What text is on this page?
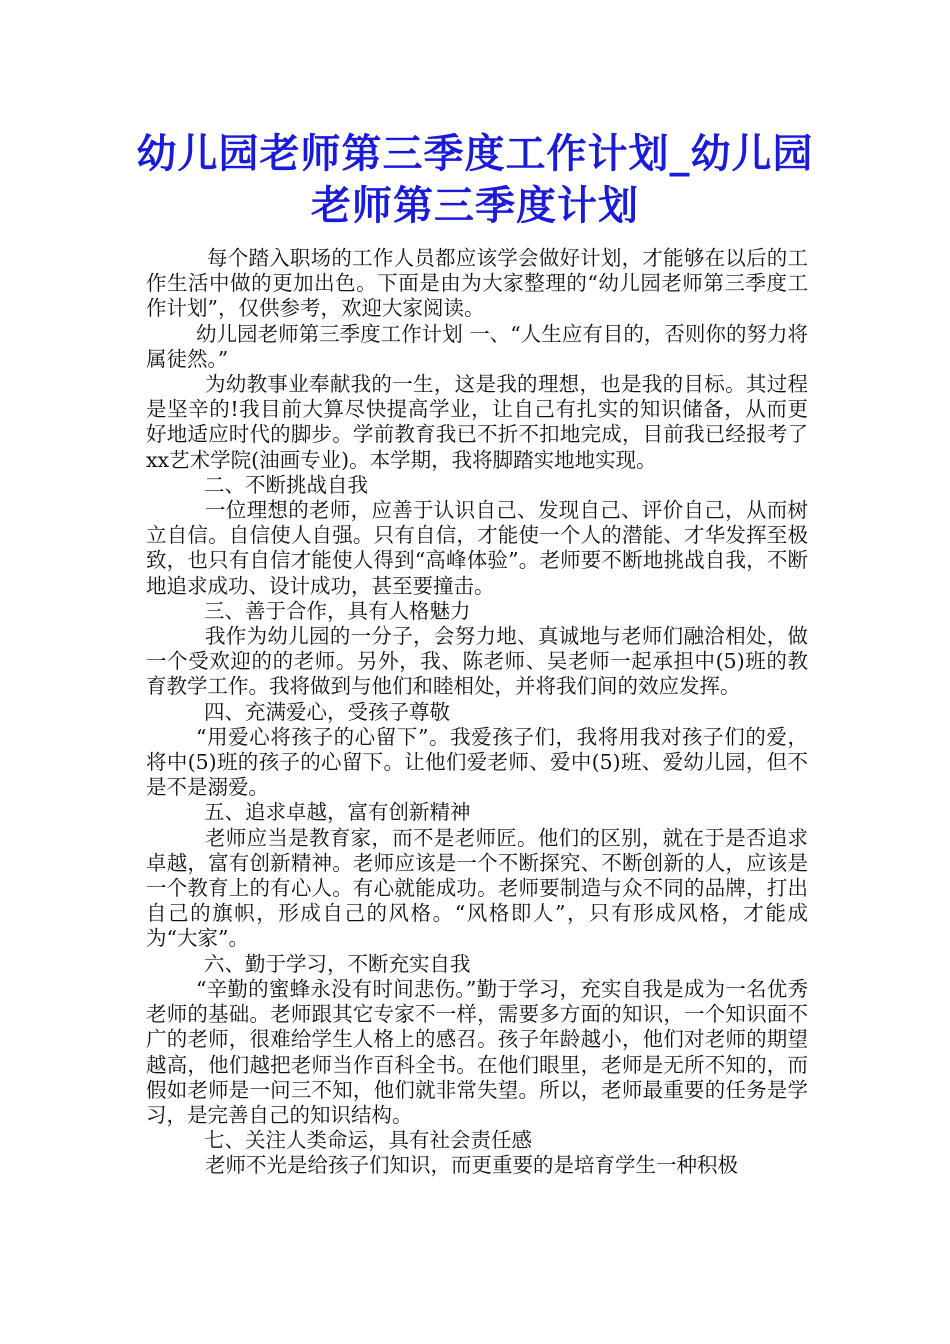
幼儿园老师第三季度工作计划_幼儿园老师第三季度计划

每个踏入职场的工作人员都应该学会做好计划，才能够在以后的工作生活中做的更加出色。下面是由为大家整理的“幼儿园老师第三季度工作计划”，仅供参考，欢迎大家阅读。

幼儿园老师第三季度工作计划 一、“人生应有目的，否则你的努力将属徒然。”

为幼教事业奉献我的一生，这是我的理想，也是我的目标。其过程是坚辛的!我目前大算尽快提高学业，让自己有扎实的知识储备，从而更好地适应时代的脚步。学前教育我已不折不扣地完成，目前我已经报考了xx艺术学院(油画专业)。本学期，我将脚踏实地地实现。

二、不断挑战自我

一位理想的老师，应善于认识自己、发现自己、评价自己，从而树立自信。自信使人自强。只有自信，才能使一个人的潜能、才华发挥至极致，也只有自信才能使人得到“高峰体验”。老师要不断地挑战自我，不断地追求成功、设计成功，甚至要撞击。

三、善于合作，具有人格魅力

我作为幼儿园的一分子，会努力地、真诚地与老师们融洽相处，做一个受欢迎的的老师。另外，我、陈老师、吴老师一起承担中(5)班的教育教学工作。我将做到与他们和睦相处，并将我们间的效应发挥。

四、充满爱心，受孩子尊敬

“用爱心将孩子的心留下”。我爱孩子们，我将用我对孩子们的爱，将中(5)班的孩子的心留下。让他们爱老师、爱中(5)班、爱幼儿园，但不是不是溺爱。

五、追求卓越，富有创新精神

老师应当是教育家，而不是老师匠。他们的区别，就在于是否追求卓越，富有创新精神。老师应该是一个不断探究、不断创新的人，应该是一个教育上的有心人。有心就能成功。老师要制造与众不同的品牌，打出自己的旗帜，形成自己的风格。“风格即人”，只有形成风格，才能成为“大家”。

六、勤于学习，不断充实自我

“辛勤的蜜蜂永没有时间悲伤。”勤于学习，充实自我是成为一名优秀老师的基础。老师跟其它专家不一样，需要多方面的知识，一个知识面不广的老师，很难给学生人格上的感召。孩子年龄越小，他们对老师的期望越高，他们越把老师当作百科全书。在他们眼里，老师是无所不知的，而假如老师是一问三不知，他们就非常失望。所以，老师最重要的任务是学习，是完善自己的知识结构。

七、关注人类命运，具有社会责任感

老师不光是给孩子们知识，而更重要的是培育学生一种积极
